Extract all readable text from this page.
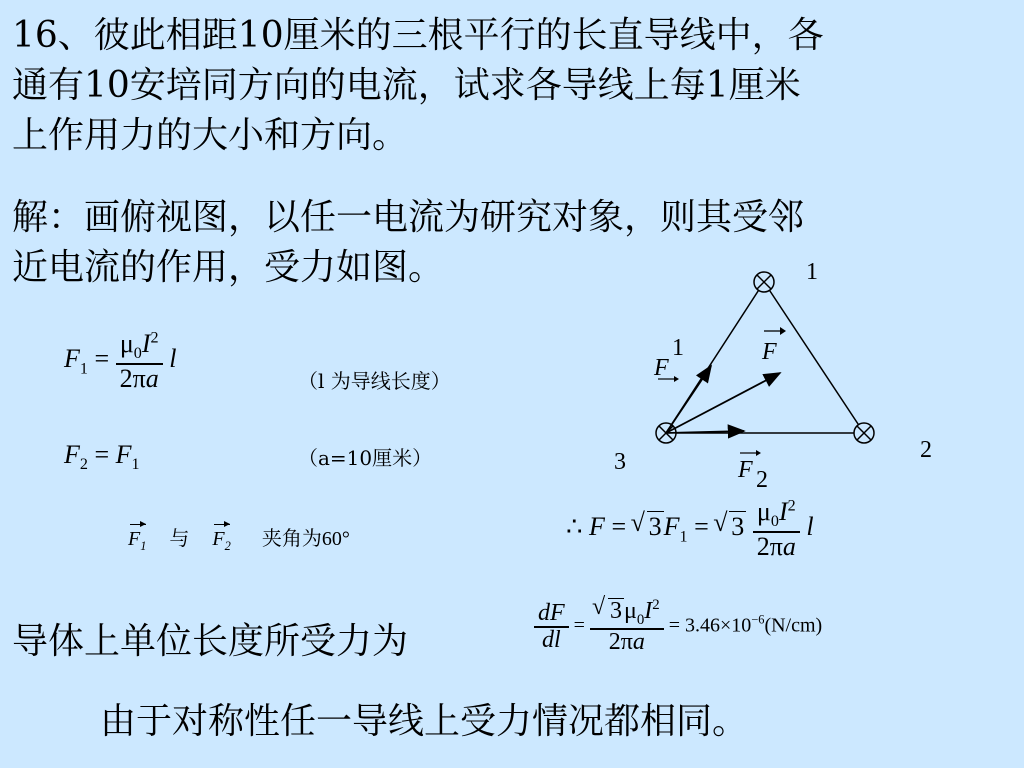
16、彼此相距10厘米的三根平行的长直导线中，各
通有10安培同方向的电流，试求各导线上每1厘米
上作用力的大小和方向。
解：画俯视图，以任一电流为研究对象，则其受邻
近电流的作用，受力如图。
$F_1 = \frac{\mu_0I^2}{2\pi a}$ l
（l 为导线长度）
$F_2 = F_1$	（a=10厘米）
$F_1$ 与 $F_2$ 夹角为60°	∴ F = √ $3F_1$ = √ $3 \frac{\mu_0I^2}{2\pi a}$ l
导体上单位长度所受力为	$\frac{dF}{dl}$ =
√ $\frac{3\mu_0I^2}{2\pi a} = 3.46\times 10^{-6}(N/cm)$
由于对称性任一导线上受力情况都相同。
1
2
3
F
F
1
F 2
